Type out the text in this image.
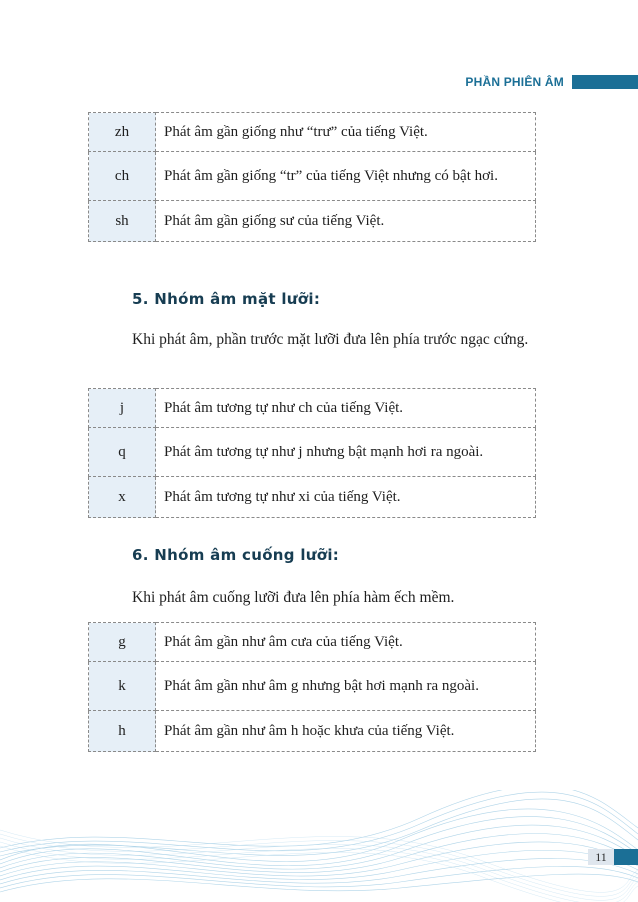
PHẦN PHIÊN ÂM
zh	Phát âm gần giống như “trư” của tiếng Việt.
ch	Phát âm gần giống “tr” của tiếng Việt nhưng có bật hơi.
sh	Phát âm gần giống sư của tiếng Việt.
5. Nhóm âm mặt lưỡi:
Khi phát âm, phần trước mặt lưỡi đưa lên phía trước ngạc cứng.
j	Phát âm tương tự như ch của tiếng Việt.
q	Phát âm tương tự như j nhưng bật mạnh hơi ra ngoài.
x	Phát âm tương tự như xi của tiếng Việt.
6. Nhóm âm cuống lưỡi:
Khi phát âm cuống lưỡi đưa lên phía hàm ếch mềm.
g	Phát âm gần như âm cưa của tiếng Việt.
k	Phát âm gần như âm g nhưng bật hơi mạnh ra ngoài.
h	Phát âm gần như âm h hoặc khưa của tiếng Việt.
11
